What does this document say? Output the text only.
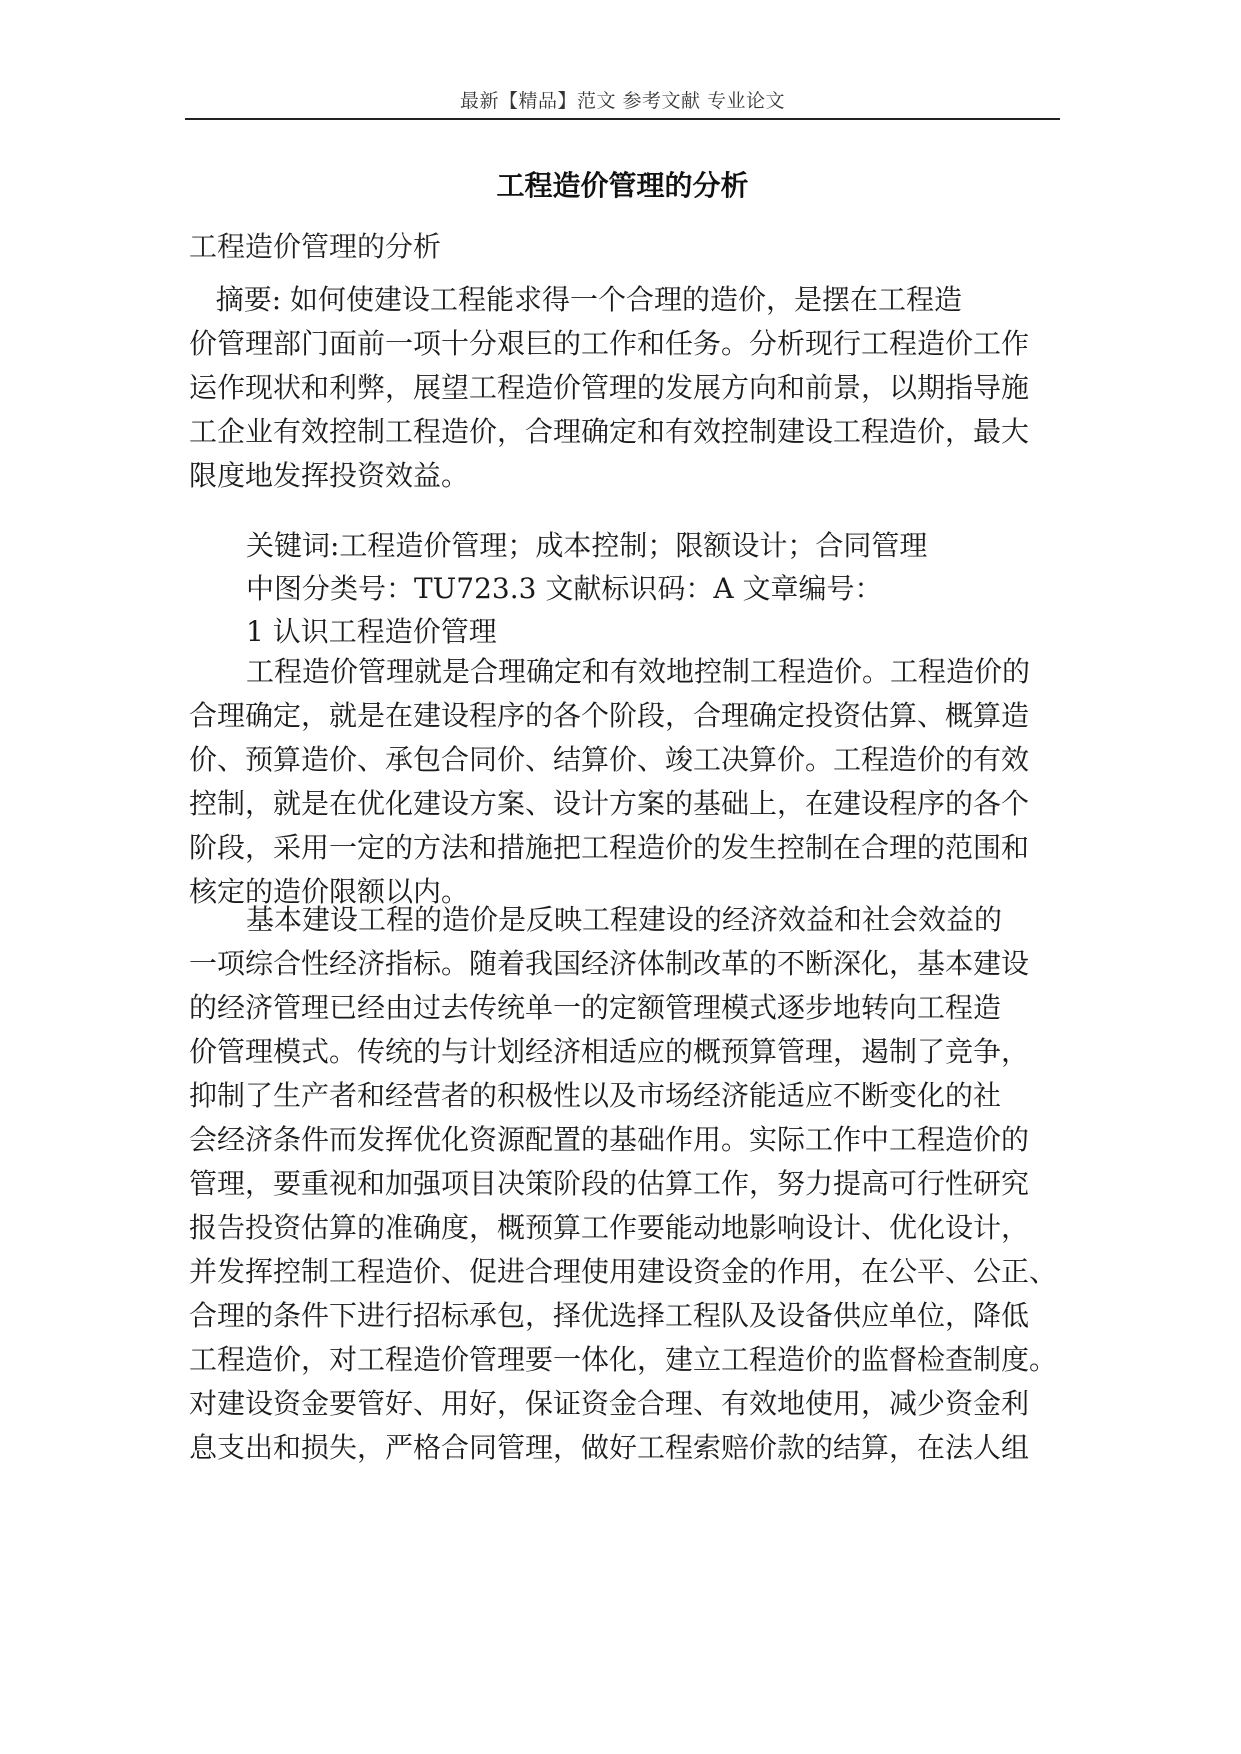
最新【精品】范文 参考文献 专业论文
工程造价管理的分析
工程造价管理的分析
摘要: 如何使建设工程能求得一个合理的造价，是摆在工程造
价管理部门面前一项十分艰巨的工作和任务。分析现行工程造价工作
运作现状和利弊，展望工程造价管理的发展方向和前景，以期指导施
工企业有效控制工程造价，合理确定和有效控制建设工程造价，最大
限度地发挥投资效益。
关键词:工程造价管理；成本控制；限额设计；合同管理
中图分类号：TU723.3 文献标识码：A 文章编号：
1 认识工程造价管理
工程造价管理就是合理确定和有效地控制工程造价。工程造价的
合理确定，就是在建设程序的各个阶段，合理确定投资估算、概算造
价、预算造价、承包合同价、结算价、竣工决算价。工程造价的有效
控制，就是在优化建设方案、设计方案的基础上，在建设程序的各个
阶段，采用一定的方法和措施把工程造价的发生控制在合理的范围和
核定的造价限额以内。
基本建设工程的造价是反映工程建设的经济效益和社会效益的
一项综合性经济指标。随着我国经济体制改革的不断深化，基本建设
的经济管理已经由过去传统单一的定额管理模式逐步地转向工程造
价管理模式。传统的与计划经济相适应的概预算管理，遏制了竞争，
抑制了生产者和经营者的积极性以及市场经济能适应不断变化的社
会经济条件而发挥优化资源配置的基础作用。实际工作中工程造价的
管理，要重视和加强项目决策阶段的估算工作，努力提高可行性研究
报告投资估算的准确度，概预算工作要能动地影响设计、优化设计，
并发挥控制工程造价、促进合理使用建设资金的作用，在公平、公正、
合理的条件下进行招标承包，择优选择工程队及设备供应单位，降低
工程造价，对工程造价管理要一体化，建立工程造价的监督检查制度。
对建设资金要管好、用好，保证资金合理、有效地使用，减少资金利
息支出和损失，严格合同管理，做好工程索赔价款的结算，在法人组
